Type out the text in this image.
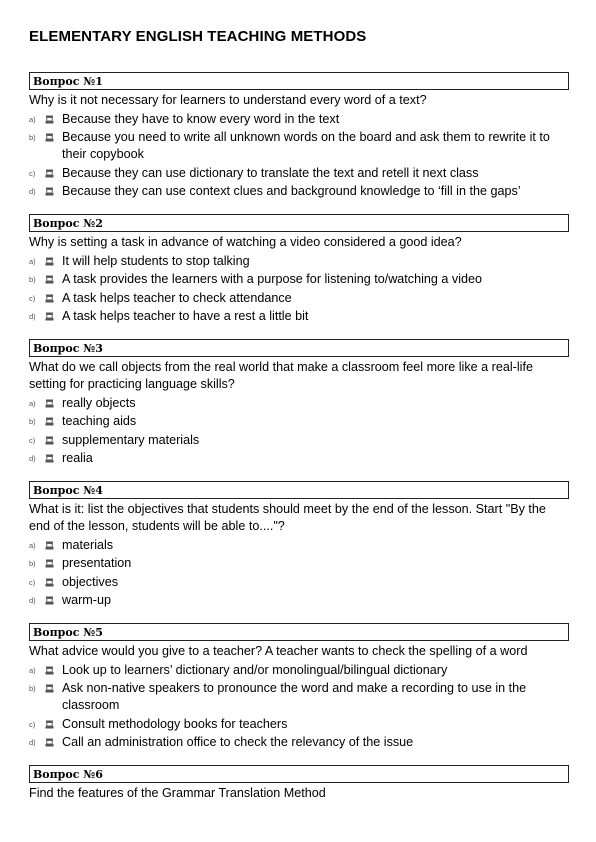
ELEMENTARY ENGLISH TEACHING METHODS
Вопрос №1
Why is it not necessary for learners to understand every word of a text?
a)	Because they have to know every word in the text
b)	Because you need to write all unknown words on the board and ask them to rewrite it to their copybook
c)	Because they can use dictionary to translate the text and retell it next class
d)	Because they can use context clues and background knowledge to ‘fill in the gaps’
Вопрос №2
Why is setting a task in advance of watching a video considered a good idea?
a)	It will help students to stop talking
b)	A task provides the learners with a purpose for listening to/watching a video
c)	A task helps teacher to check attendance
d)	A task helps teacher to have a rest a little bit
Вопрос №3
What do we call objects from the real world that make a classroom feel more like a real-life setting for practicing language skills?
a)	really objects
b)	teaching aids
c)	supplementary materials
d)	realia
Вопрос №4
What is it: list the objectives that students should meet by the end of the lesson. Start "By the end of the lesson, students will be able to...."?
a)	materials
b)	presentation
c)	objectives
d)	warm-up
Вопрос №5
What advice would you give to a teacher? A teacher wants to check the spelling of a word
a)	Look up to learners’ dictionary and/or monolingual/bilingual dictionary
b)	Ask non-native speakers to pronounce the word and make a recording to use in the classroom
c)	Consult methodology books for teachers
d)	Call an administration office to check the relevancy of the issue
Вопрос №6
Find the features of the Grammar Translation Method
